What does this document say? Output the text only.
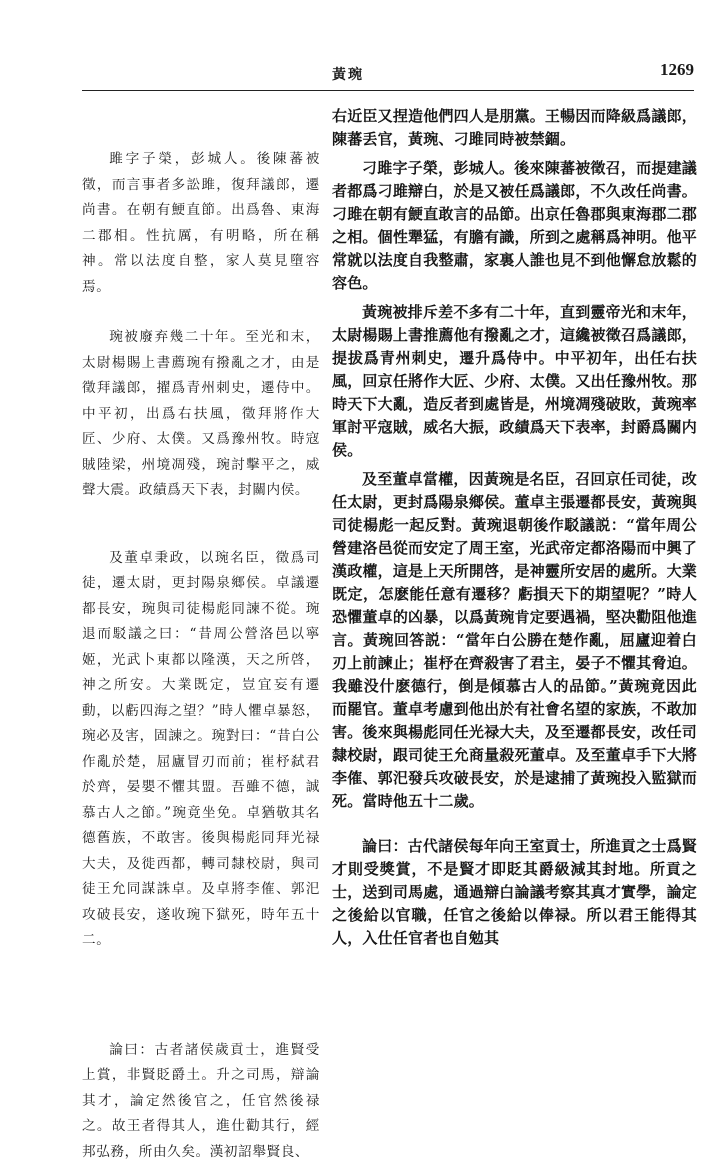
黃琬	1269

雎字子榮，彭城人。後陳蕃被徵，而言事者多訟雎，復拜議郎，遷尚書。在朝有鯁直節。出爲魯、東海二郡相。性抗厲，有明略，所在稱神。常以法度自整，家人莫見墮容焉。

琬被廢弃幾二十年。至光和末，太尉楊賜上書薦琬有撥亂之才，由是徵拜議郎，擢爲青州刺史，遷侍中。中平初，出爲右扶風，徵拜將作大匠、少府、太僕。又爲豫州牧。時寇賊陸梁，州境凋殘，琬討擊平之，威聲大震。政績爲天下表，封關内侯。

及董卓秉政，以琬名臣，徵爲司徒，遷太尉，更封陽泉鄉侯。卓議遷都長安，琬與司徒楊彪同諫不從。琬退而駁議之曰：“昔周公營洛邑以寧姬，光武卜東都以隆漢，天之所啓，神之所安。大業既定，豈宜妄有遷動，以虧四海之望？”時人懼卓暴怒，琬必及害，固諫之。琬對曰：“昔白公作亂於楚，屈廬冒刃而前；崔杼弑君於齊，晏嬰不懼其盟。吾雖不德，誠慕古人之節。”琬竟坐免。卓猶敬其名德舊族，不敢害。後與楊彪同拜光禄大夫，及徙西都，轉司隸校尉，與司徒王允同謀誅卓。及卓將李傕、郭汜攻破長安，遂收琬下獄死，時年五十二。

論曰：古者諸侯歲貢士，進賢受上賞，非賢貶爵土。升之司馬，辯論其才，論定然後官之，任官然後禄之。故王者得其人，進仕勸其行，經邦弘務，所由久矣。漢初詔舉賢良、

右近臣又捏造他們四人是朋黨。王暢因而降級爲議郎，陳蕃丢官，黃琬、刁雎同時被禁錮。

刁雎字子榮，彭城人。後來陳蕃被徵召，而提建議者都爲刁雎辯白，於是又被任爲議郎，不久改任尚書。刁雎在朝有鯁直敢言的品節。出京任魯郡與東海郡二郡之相。個性犟猛，有膽有識，所到之處稱爲神明。他平常就以法度自我整肅，家裏人誰也見不到他懈怠放鬆的容色。

黃琬被排斥差不多有二十年，直到靈帝光和末年，太尉楊賜上書推薦他有撥亂之才，這纔被徵召爲議郎，提拔爲青州刺史，遷升爲侍中。中平初年，出任右扶風，回京任將作大匠、少府、太僕。又出任豫州牧。那時天下大亂，造反者到處皆是，州境凋殘破敗，黃琬率軍討平寇賊，威名大振，政績爲天下表率，封爵爲關内侯。

及至董卓當權，因黃琬是名臣，召回京任司徒，改任太尉，更封爲陽泉鄉侯。董卓主張遷都長安，黃琬與司徒楊彪一起反對。黃琬退朝後作駁議説：“當年周公營建洛邑從而安定了周王室，光武帝定都洛陽而中興了漢政權，這是上天所開啓，是神靈所安居的處所。大業既定，怎麽能任意有遷移？虧損天下的期望呢？”時人恐懼董卓的凶暴，以爲黃琬肯定要遇禍，堅决勸阻他進言。黃琬回答説：“當年白公勝在楚作亂，屈廬迎着白刃上前諫止；崔杼在齊殺害了君主，晏子不懼其脅迫。我雖没什麽德行，倒是傾慕古人的品節。”黃琬竟因此而罷官。董卓考慮到他出於有社會名望的家族，不敢加害。後來與楊彪同任光禄大夫，及至遷都長安，改任司隸校尉，跟司徒王允商量殺死董卓。及至董卓手下大將李傕、郭汜發兵攻破長安，於是逮捕了黃琬投入監獄而死。當時他五十二歲。

論曰：古代諸侯每年向王室貢士，所進貢之士爲賢才則受獎賞，不是賢才即貶其爵級減其封地。所貢之士，送到司馬處，通過辯白論議考察其真才實學，論定之後給以官職，任官之後給以俸禄。所以君王能得其人，入仕任官者也自勉其
